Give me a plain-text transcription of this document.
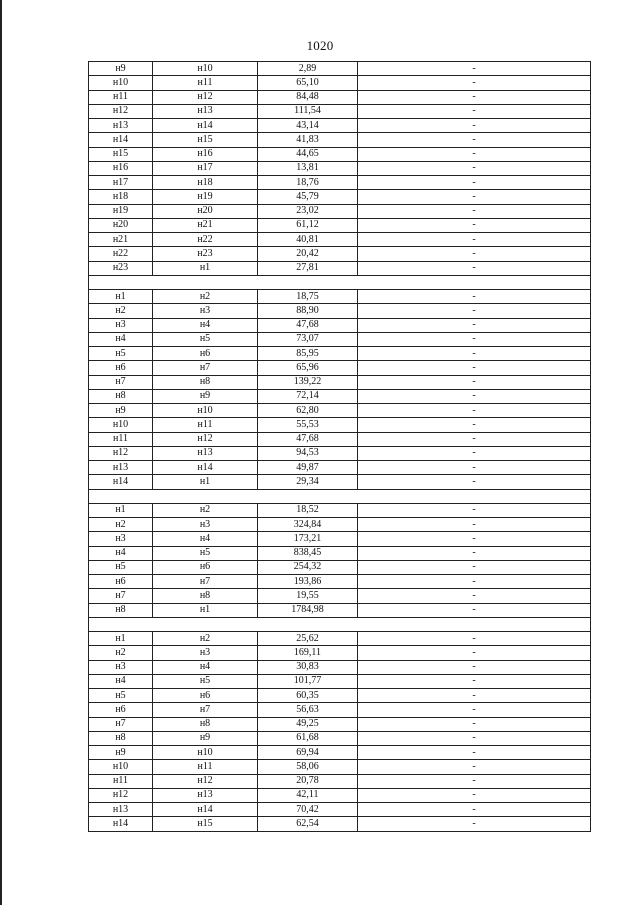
1020
н9	н10	2,89	-
н10	н11	65,10	-
н11	н12	84,48	-
н12	н13	111,54	-
н13	н14	43,14	-
н14	н15	41,83	-
н15	н16	44,65	-
н16	н17	13,81	-
н17	н18	18,76	-
н18	н19	45,79	-
н19	н20	23,02	-
н20	н21	61,12	-
н21	н22	40,81	-
н22	н23	20,42	-
н23	н1	27,81	-

н1	н2	18,75	-
н2	н3	88,90	-
н3	н4	47,68	-
н4	н5	73,07	-
н5	н6	85,95	-
н6	н7	65,96	-
н7	н8	139,22	-
н8	н9	72,14	-
н9	н10	62,80	-
н10	н11	55,53	-
н11	н12	47,68	-
н12	н13	94,53	-
н13	н14	49,87	-
н14	н1	29,34	-

н1	н2	18,52	-
н2	н3	324,84	-
н3	н4	173,21	-
н4	н5	838,45	-
н5	н6	254,32	-
н6	н7	193,86	-
н7	н8	19,55	-
н8	н1	1784,98	-

н1	н2	25,62	-
н2	н3	169,11	-
н3	н4	30,83	-
н4	н5	101,77	-
н5	н6	60,35	-
н6	н7	56,63	-
н7	н8	49,25	-
н8	н9	61,68	-
н9	н10	69,94	-
н10	н11	58,06	-
н11	н12	20,78	-
н12	н13	42,11	-
н13	н14	70,42	-
н14	н15	62,54	-
